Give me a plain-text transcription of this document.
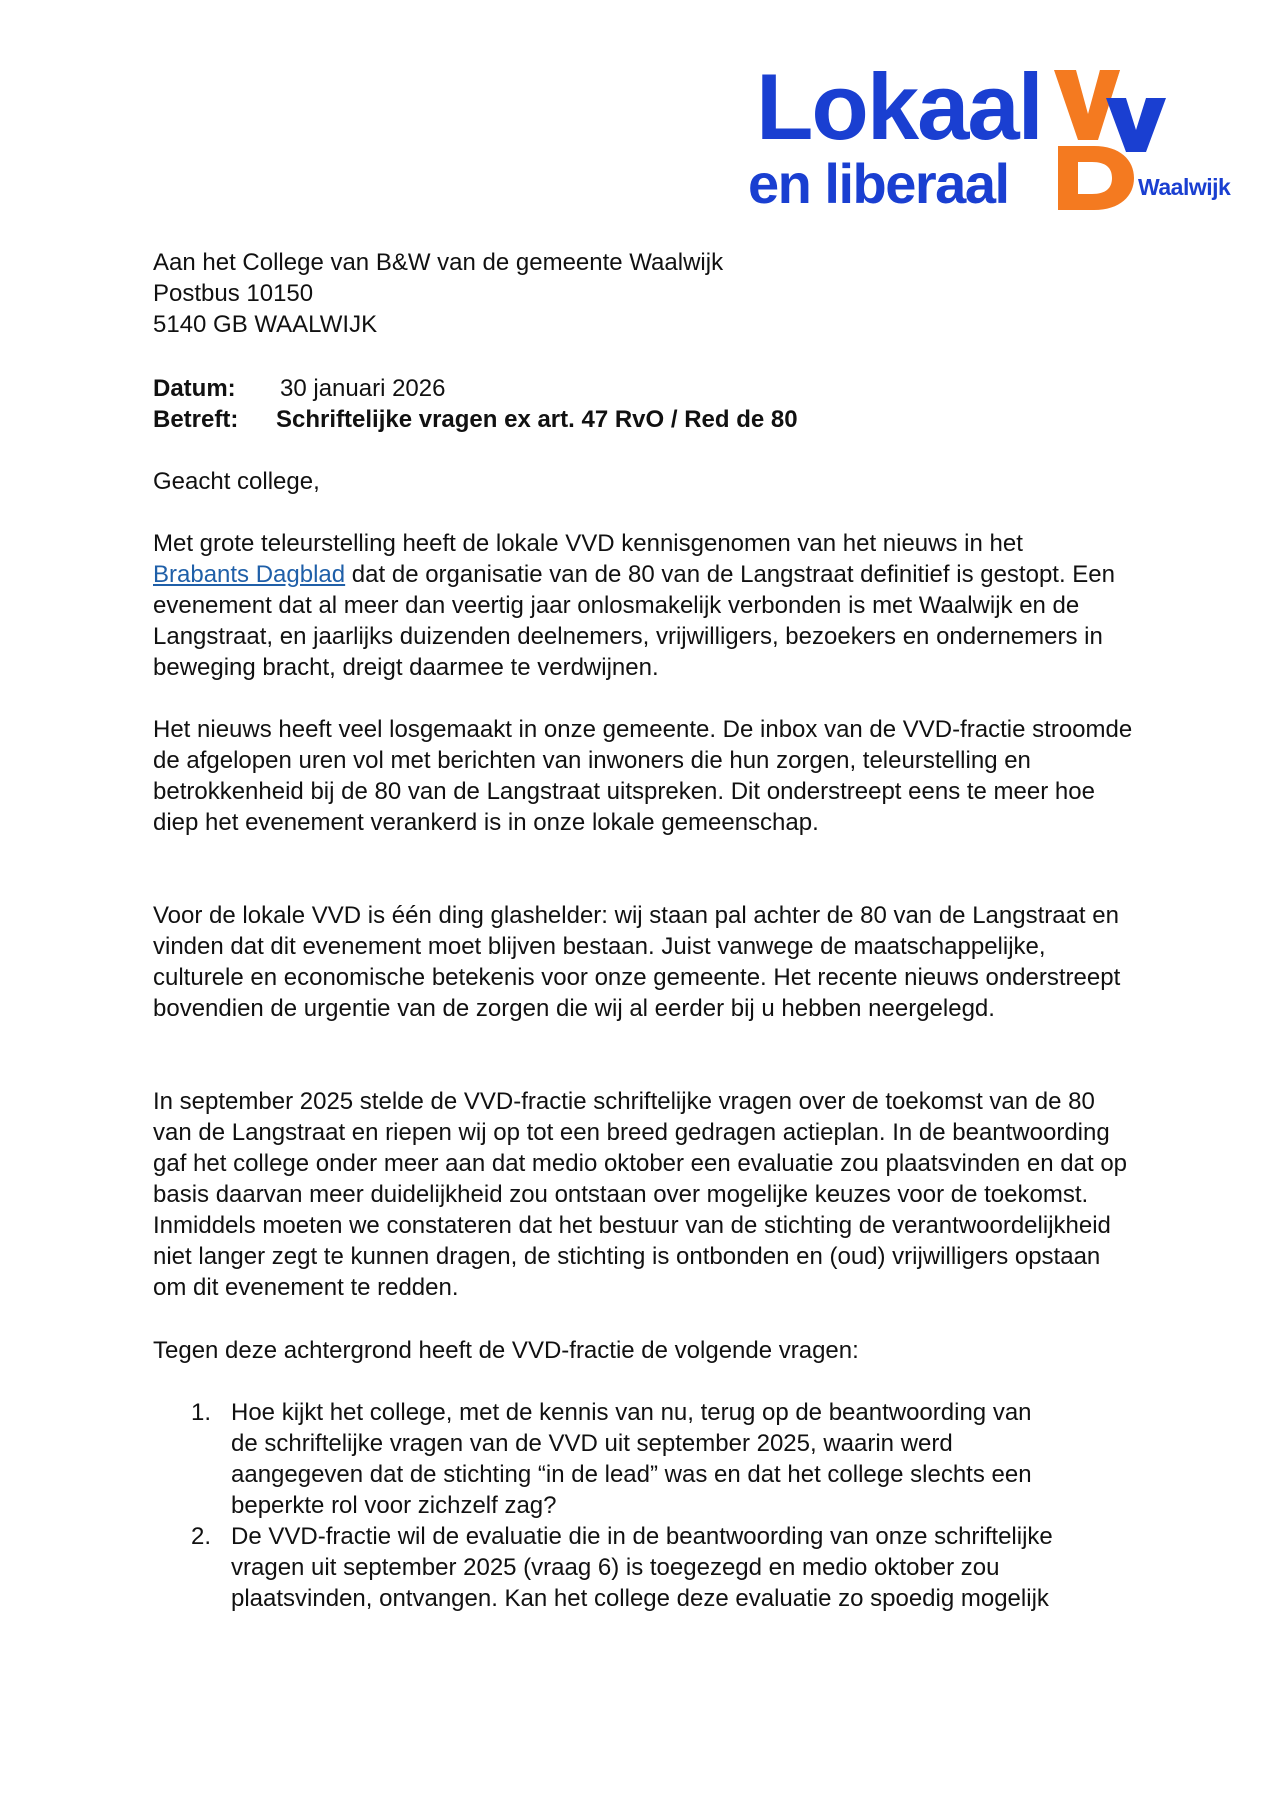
Lokaal
en liberaal	Waalwijk
Aan het College van B&W van de gemeente Waalwijk
Postbus 10150
5140 GB WAALWIJK
Datum: 30 januari 2026
Betreft: Schriftelijke vragen ex art. 47 RvO / Red de 80
Geacht college,

Met grote teleurstelling heeft de lokale VVD kennisgenomen van het nieuws in het
Brabants Dagblad dat de organisatie van de 80 van de Langstraat definitief is gestopt. Een evenement dat al meer dan veertig jaar onlosmakelijk verbonden is met Waalwijk en de Langstraat, en jaarlijks duizenden deelnemers, vrijwilligers, bezoekers en ondernemers in beweging bracht, dreigt daarmee te verdwijnen.

Het nieuws heeft veel losgemaakt in onze gemeente. De inbox van de VVD-fractie stroomde de afgelopen uren vol met berichten van inwoners die hun zorgen, teleurstelling en betrokkenheid bij de 80 van de Langstraat uitspreken. Dit onderstreept eens te meer hoe diep het evenement verankerd is in onze lokale gemeenschap.
Voor de lokale VVD is één ding glashelder: wij staan pal achter de 80 van de Langstraat en vinden dat dit evenement moet blijven bestaan. Juist vanwege de maatschappelijke, culturele en economische betekenis voor onze gemeente. Het recente nieuws onderstreept bovendien de urgentie van de zorgen die wij al eerder bij u hebben neergelegd.
In september 2025 stelde de VVD-fractie schriftelijke vragen over de toekomst van de 80 van de Langstraat en riepen wij op tot een breed gedragen actieplan. In de beantwoording gaf het college onder meer aan dat medio oktober een evaluatie zou plaatsvinden en dat op basis daarvan meer duidelijkheid zou ontstaan over mogelijke keuzes voor de toekomst. Inmiddels moeten we constateren dat het bestuur van de stichting de verantwoordelijkheid niet langer zegt te kunnen dragen, de stichting is ontbonden en (oud) vrijwilligers opstaan om dit evenement te redden.
Tegen deze achtergrond heeft de VVD-fractie de volgende vragen:
1. Hoe kijkt het college, met de kennis van nu, terug op de beantwoording van
de schriftelijke vragen van de VVD uit september 2025, waarin werd
aangegeven dat de stichting “in de lead” was en dat het college slechts een
beperkte rol voor zichzelf zag?
2. De VVD-fractie wil de evaluatie die in de beantwoording van onze schriftelijke
vragen uit september 2025 (vraag 6) is toegezegd en medio oktober zou
plaatsvinden, ontvangen. Kan het college deze evaluatie zo spoedig mogelijk
